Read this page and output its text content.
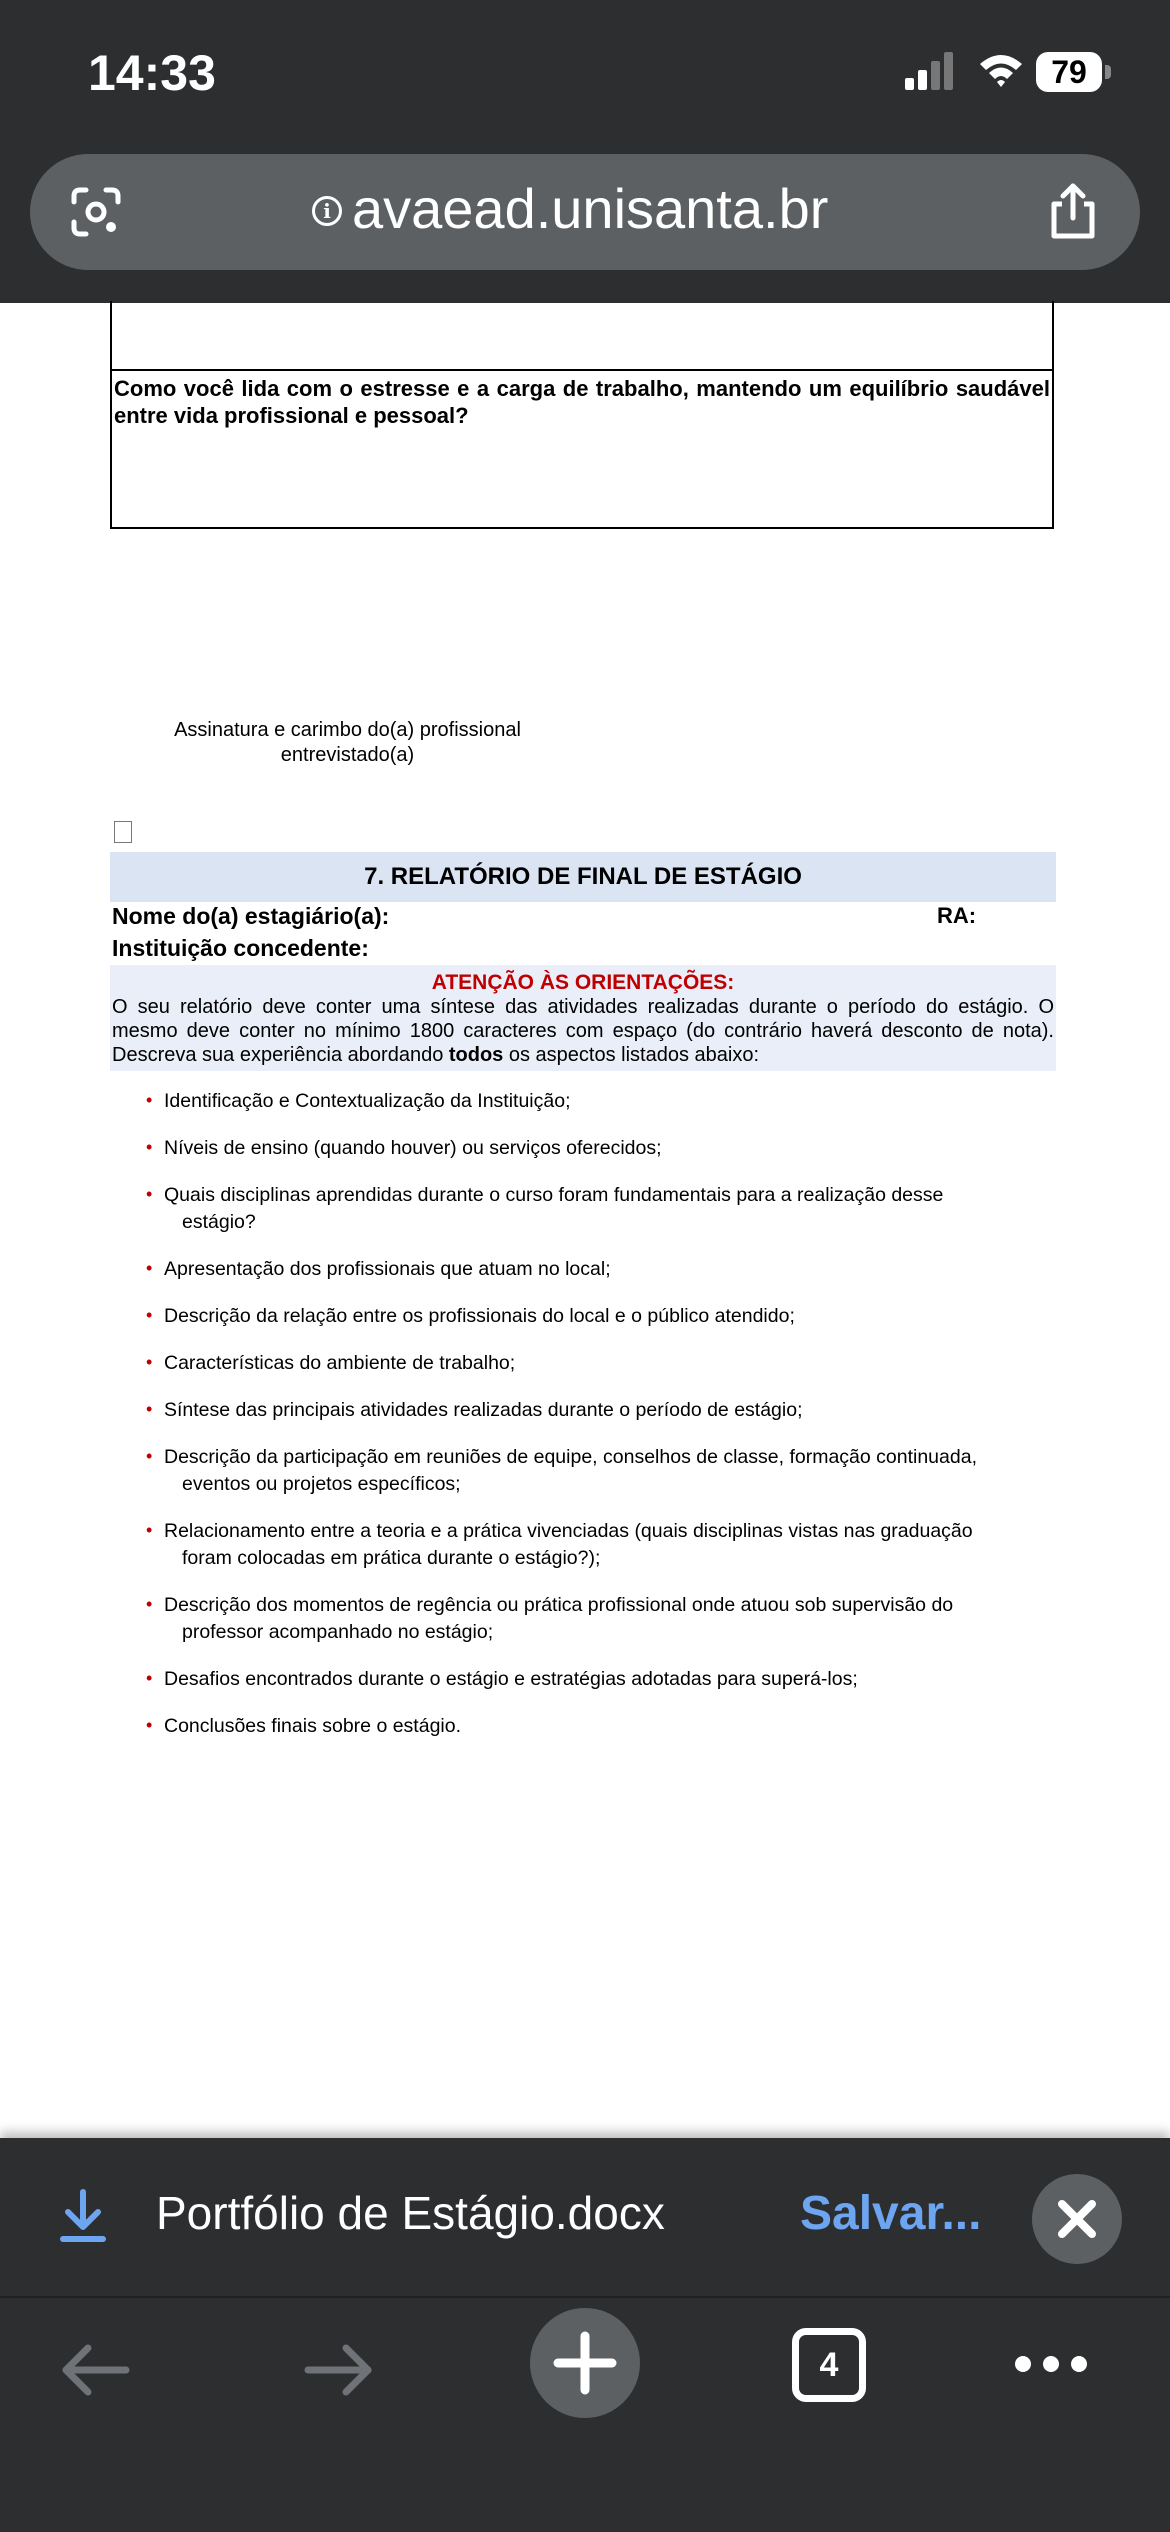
14:33	79
i avaead.unisanta.br
Como você lida com o estresse e a carga de trabalho, mantendo um equilíbrio saudável entre vida profissional e pessoal?
Assinatura e carimbo do(a) profissional
entrevistado(a)
7. RELATÓRIO DE FINAL DE ESTÁGIO
Nome do(a) estagiário(a):	RA:
Instituição concedente:
ATENÇÃO ÀS ORIENTAÇÕES:
O seu relatório deve conter uma síntese das atividades realizadas durante o período do estágio. O mesmo deve conter no mínimo 1800 caracteres com espaço (do contrário haverá desconto de nota). Descreva sua experiência abordando todos os aspectos listados abaixo:
• Identificação e Contextualização da Instituição;
• Níveis de ensino (quando houver) ou serviços oferecidos;
• Quais disciplinas aprendidas durante o curso foram fundamentais para a realização desse
estágio?
• Apresentação dos profissionais que atuam no local;
• Descrição da relação entre os profissionais do local e o público atendido;
• Características do ambiente de trabalho;
• Síntese das principais atividades realizadas durante o período de estágio;
• Descrição da participação em reuniões de equipe, conselhos de classe, formação continuada,
eventos ou projetos específicos;
• Relacionamento entre a teoria e a prática vivenciadas (quais disciplinas vistas nas graduação
foram colocadas em prática durante o estágio?);
• Descrição dos momentos de regência ou prática profissional onde atuou sob supervisão do
professor acompanhado no estágio;
• Desafios encontrados durante o estágio e estratégias adotadas para superá-los;
• Conclusões finais sobre o estágio.
Portfólio de Estágio.docx	Salvar...
4
